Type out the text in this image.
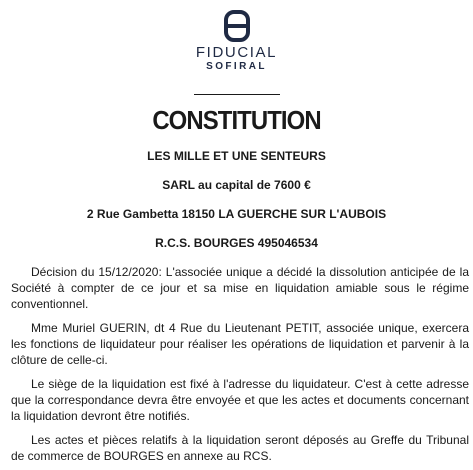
FIDUCIAL
SOFIRAL
CONSTITUTION
LES MILLE ET UNE SENTEURS
SARL au capital de 7600 €
2 Rue Gambetta 18150 LA GUERCHE SUR L'AUBOIS
R.C.S. BOURGES 495046534

Décision du 15/12/2020: L'associée unique a décidé la dissolution anticipée de la Société à compter de ce jour et sa mise en liquidation amiable sous le régime conventionnel.

Mme Muriel GUERIN, dt 4 Rue du Lieutenant PETIT, associée unique, exercera les fonctions de liquidateur pour réaliser les opérations de liquidation et parvenir à la clôture de celle-ci.

Le siège de la liquidation est fixé à l'adresse du liquidateur. C'est à cette adresse que la correspondance devra être envoyée et que les actes et documents concernant la liquidation devront être notifiés.

Les actes et pièces relatifs à la liquidation seront déposés au Greffe du Tribunal de commerce de BOURGES en annexe au RCS.
